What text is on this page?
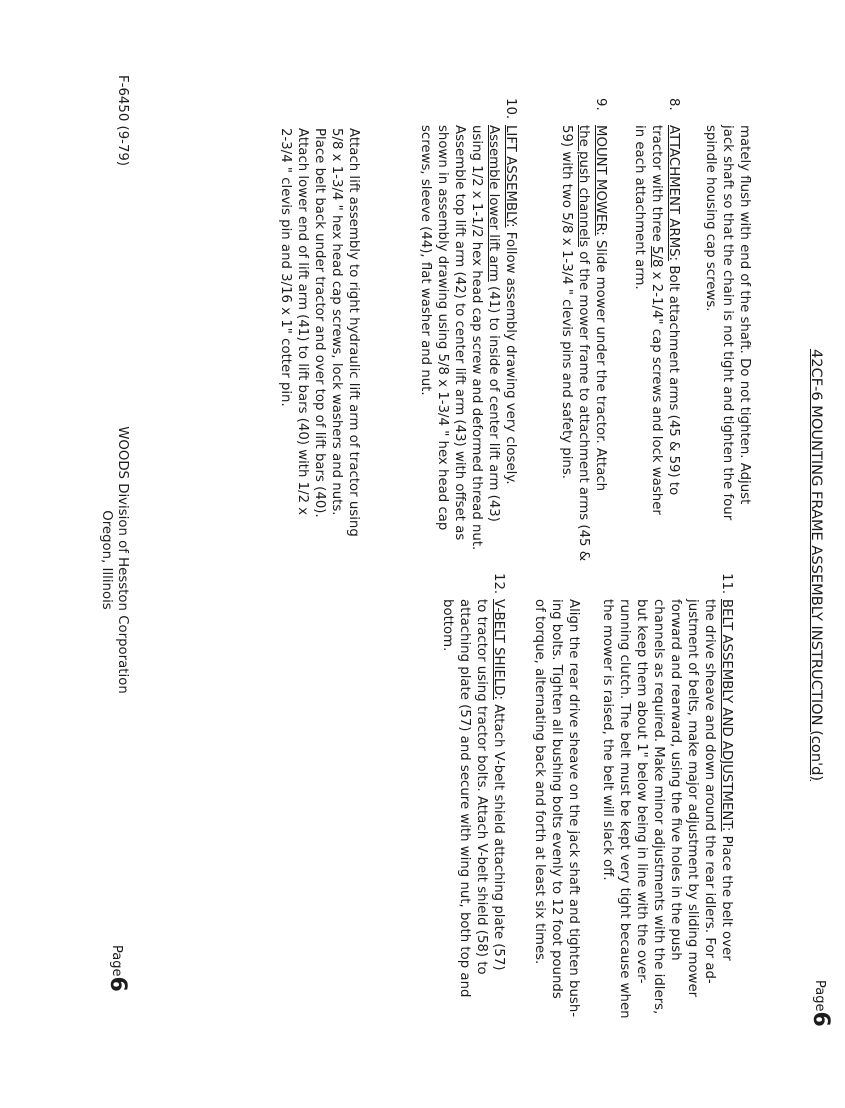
42CF-6 MOUNTING FRAME ASSEMBLY INSTRUCTION (con'd)
Page6
mately flush with end of the shaft. Do not tighten. Adjust
jack shaft so that the chain is not tight and tighten the four
spindle housing cap screws.
8.
ATTACHMENT ARMS: Bolt attachment arms (45 & 59) to
tractor with three 5/8 x 2-1/4" cap screws and lock washer
in each attachment arm.
9.
MOUNT MOWER: Slide mower under the tractor. Attach
the push channels of the mower frame to attachment arms (45 &
59) with two 5/8 x 1-3/4 " clevis pins and safety pins.
10.
LIFT ASSEMBLY: Follow assembly drawing very closely.
Assemble lower lift arm (41) to inside of center lift arm (43)
using 1/2 x 1-1/2 hex head cap screw and deformed thread nut.
Assemble top lift arm (42) to center lift arm (43) with offset as
shown in assembly drawing using 5/8 x 1-3/4 " hex head cap
screws, sleeve (44), flat washer and nut.
Attach lift assembly to right hydraulic lift arm of tractor using
5/8 x 1-3/4 " hex head cap screws, lock washers and nuts.
Place belt back under tractor and over top of lift bars (40).
Attach lower end of lift arm (41) to lift bars (40) with 1/2 x
2-3/4 " clevis pin and 3/16 x 1" cotter pin.
11.
BELT ASSEMBLY AND ADJUSTMENT: Place the belt over
the drive sheave and down around the rear idlers. For ad-
justment of belts, make major adjustment by sliding mower
forward and rearward, using the five holes in the push
channels as required. Make minor adjustments with the idlers,
but keep them about 1" below being in line with the over-
running clutch. The belt must be kept very tight because when
the mower is raised, the belt will slack off.
Align the rear drive sheave on the jack shaft and tighten bush-
ing bolts. Tighten all bushing bolts evenly to 12 foot pounds
of torque, alternating back and forth at least six times.
12.
V-BELT SHIELD: Attach V-belt shield attaching plate (57)
to tractor using tractor bolts. Attach V-belt shield (58) to
attaching plate (57) and secure with wing nut, both top and
bottom.
F-6450 (9-79)
WOODS Division of Hesston Corporation
Oregon, Illinois
Page6
